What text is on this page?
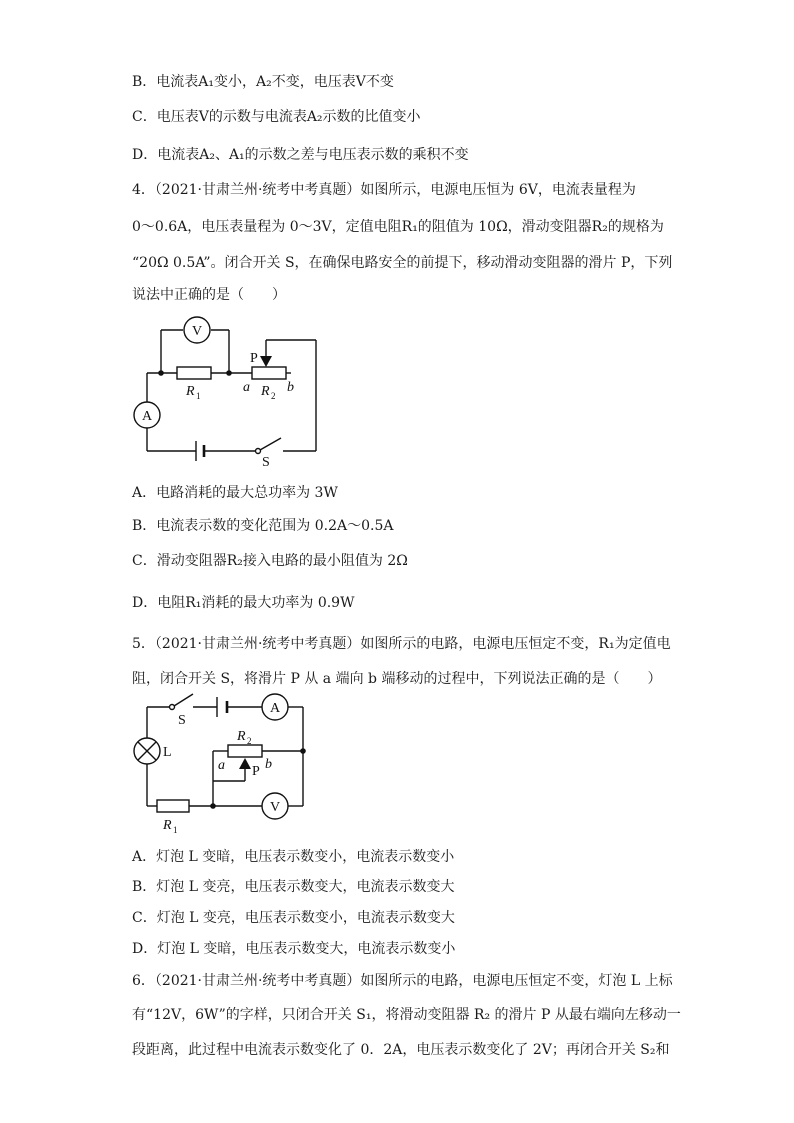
B．电流表A₁变小，A₂不变，电压表V不变
C．电压表V的示数与电流表A₂示数的比值变小
D．电流表A₂、A₁的示数之差与电压表示数的乘积不变
4．（2021·甘肃兰州·统考中考真题）如图所示，电源电压恒为 6V，电流表量程为
0～0.6A，电压表量程为 0～3V，定值电阻R₁的阻值为 10Ω，滑动变阻器R₂的规格为
“20Ω 0.5A”。闭合开关 S，在确保电路安全的前提下，移动滑动变阻器的滑片 P，下列
说法中正确的是（　　）
V
A
P
R 1	R 2
a	b
S
A．电路消耗的最大总功率为 3W
B．电流表示数的变化范围为 0.2A～0.5A
C．滑动变阻器R₂接入电路的最小阻值为 2Ω
D．电阻R₁消耗的最大功率为 0.9W
5．（2021·甘肃兰州·统考中考真题）如图所示的电路，电源电压恒定不变，R₁为定值电
阻，闭合开关 S，将滑片 P 从 a 端向 b 端移动的过程中，下列说法正确的是（　　）
S
A
L
R 2
a P b
V
R 1
A．灯泡 L 变暗，电压表示数变小，电流表示数变小
B．灯泡 L 变亮，电压表示数变大，电流表示数变大
C．灯泡 L 变亮，电压表示数变小，电流表示数变大
D．灯泡 L 变暗，电压表示数变大，电流表示数变小
6．（2021·甘肃兰州·统考中考真题）如图所示的电路，电源电压恒定不变，灯泡 L 上标
有“12V，6W”的字样，只闭合开关 S₁，将滑动变阻器 R₂ 的滑片 P 从最右端向左移动一
段距离，此过程中电流表示数变化了 0．2A，电压表示数变化了 2V；再闭合开关 S₂和
